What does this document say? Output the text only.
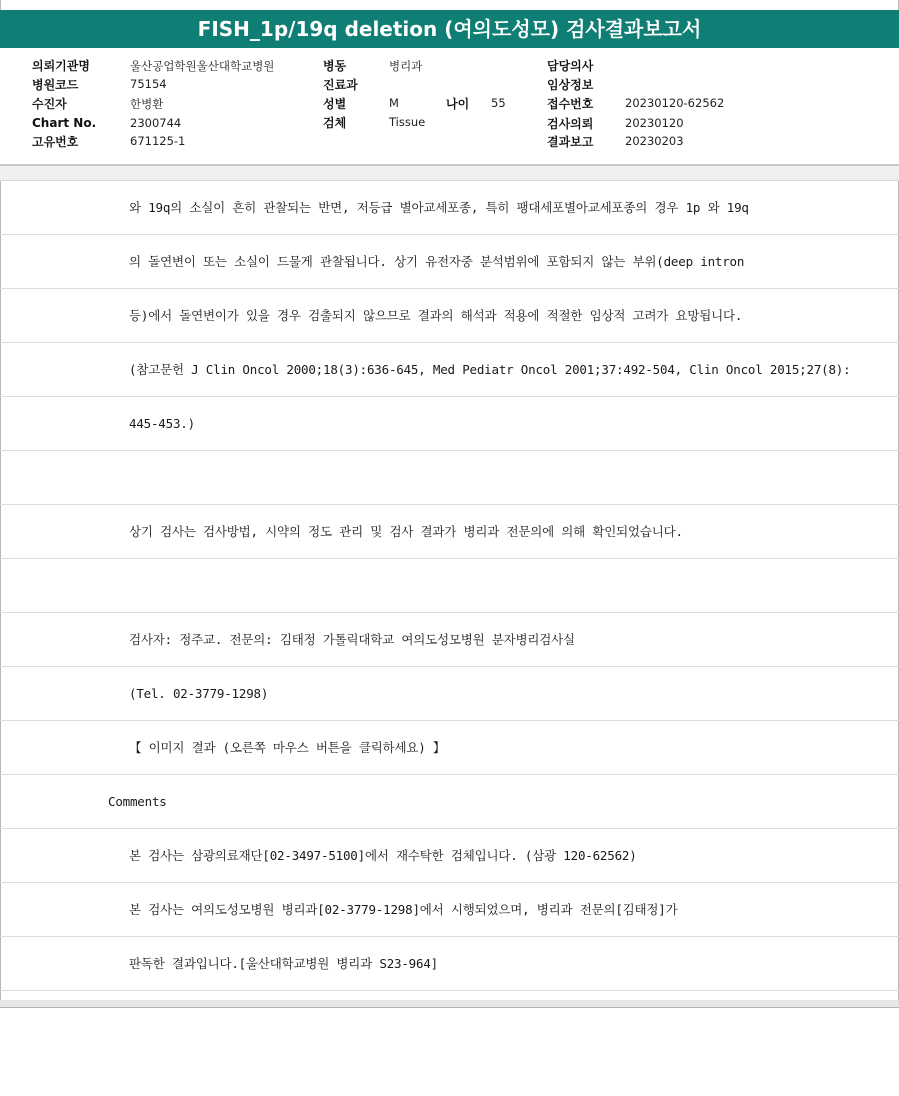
FISH_1p/19q deletion (여의도성모) 검사결과보고서
의뢰기관명	울산공업학원울산대학교병원
병원코드	75154
수진자	한병환
Chart No.	2300744
고유번호	671125-1
병동	병리과
진료과
성별	M
검체	Tissue
나이 55
담당의사
임상정보
접수번호	20230120-62562
검사의뢰	20230120
결과보고	20230203
와 19q의 소실이 흔히 관찰되는 반면, 저등급 별아교세포종, 특히 팽대세포별아교세포종의 경우 1p 와 19q
의 돌연변이 또는 소실이 드물게 관찰됩니다. 상기 유전자중 분석범위에 포함되지 않는 부위(deep intron
등)에서 돌연변이가 있을 경우 검출되지 않으므로 결과의 해석과 적용에 적절한 임상적 고려가 요망됩니다.
(참고문헌 J Clin Oncol 2000;18(3):636-645, Med Pediatr Oncol 2001;37:492-504, Clin Oncol 2015;27(8):
445-453.)
상기 검사는 검사방법, 시약의 정도 관리 및 검사 결과가 병리과 전문의에 의해 확인되었습니다.
검사자: 정주교. 전문의: 김태정 가톨릭대학교 여의도성모병원 분자병리검사실
(Tel. 02-3779-1298)
【 이미지 결과 (오른쪽 마우스 버튼을 클릭하세요) 】
Comments
본 검사는 삼광의료재단[02-3497-5100]에서 재수탁한 검체입니다. (삼광 120-62562)
본 검사는 여의도성모병원 병리과[02-3779-1298]에서 시행되었으며, 병리과 전문의[김태정]가
판독한 결과입니다.[울산대학교병원 병리과 S23-964]
